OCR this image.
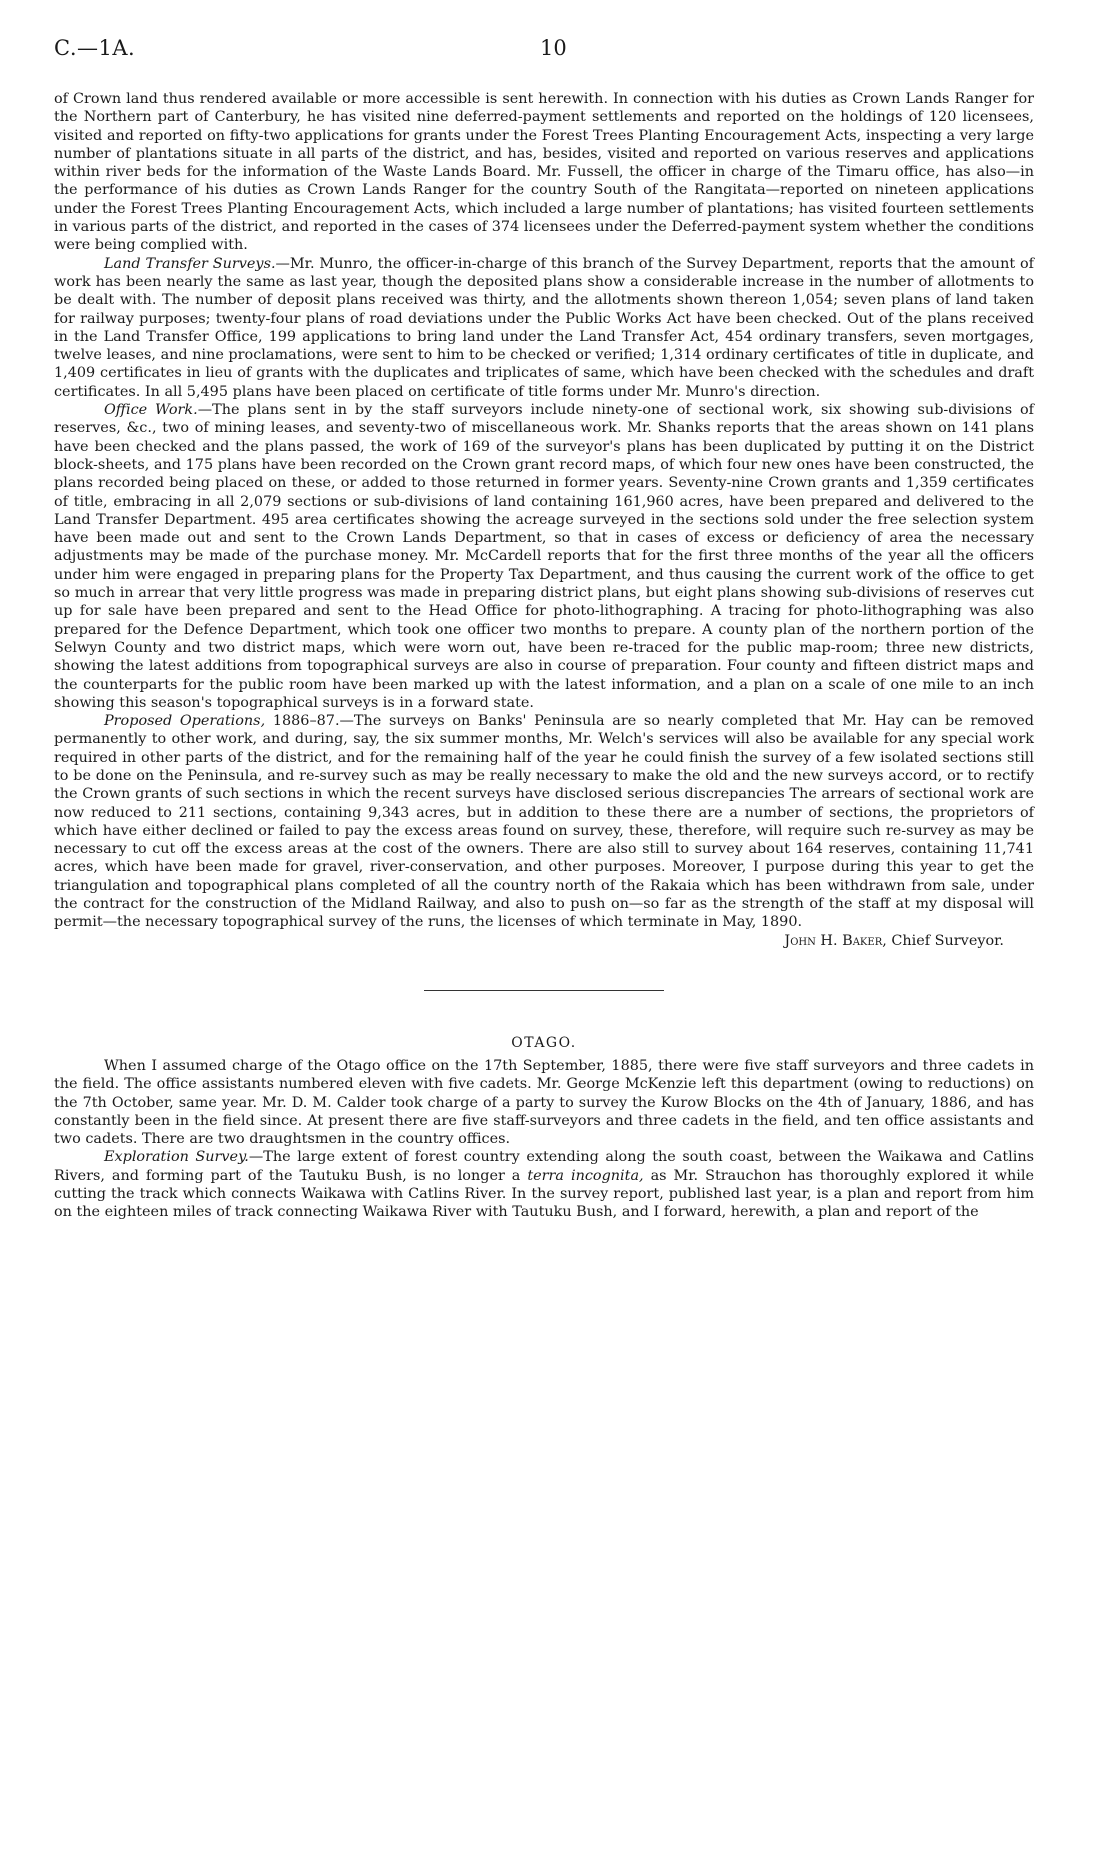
C.—1A.	10

of Crown land thus rendered available or more accessible is sent herewith. In connection with his duties as Crown Lands Ranger for the Northern part of Canterbury, he has visited nine deferred-payment settlements and reported on the holdings of 120 licensees, visited and reported on fifty-two applications for grants under the Forest Trees Planting Encouragement Acts, inspecting a very large number of plantations situate in all parts of the district, and has, besides, visited and reported on various reserves and applications within river beds for the information of the Waste Lands Board. Mr. Fussell, the officer in charge of the Timaru office, has also—in the performance of his duties as Crown Lands Ranger for the country South of the Rangitata—reported on nineteen applications under the Forest Trees Planting Encouragement Acts, which included a large number of plantations; has visited fourteen settlements in various parts of the district, and reported in the cases of 374 licensees under the Deferred-payment system whether the conditions were being complied with.

Land Transfer Surveys.—Mr. Munro, the officer-in-charge of this branch of the Survey Department, reports that the amount of work has been nearly the same as last year, though the deposited plans show a considerable increase in the number of allotments to be dealt with. The number of deposit plans received was thirty, and the allotments shown thereon 1,054; seven plans of land taken for railway purposes; twenty-four plans of road deviations under the Public Works Act have been checked. Out of the plans received in the Land Transfer Office, 199 applications to bring land under the Land Transfer Act, 454 ordinary transfers, seven mortgages, twelve leases, and nine proclamations, were sent to him to be checked or verified; 1,314 ordinary certificates of title in duplicate, and 1,409 certificates in lieu of grants with the duplicates and triplicates of same, which have been checked with the schedules and draft certificates. In all 5,495 plans have been placed on certificate of title forms under Mr. Munro's direction.

Office Work.—The plans sent in by the staff surveyors include ninety-one of sectional work, six showing sub-divisions of reserves, &c., two of mining leases, and seventy-two of miscellaneous work. Mr. Shanks reports that the areas shown on 141 plans have been checked and the plans passed, the work of 169 of the surveyor's plans has been duplicated by putting it on the District block-sheets, and 175 plans have been recorded on the Crown grant record maps, of which four new ones have been constructed, the plans recorded being placed on these, or added to those returned in former years. Seventy-nine Crown grants and 1,359 certificates of title, embracing in all 2,079 sections or sub-divisions of land containing 161,960 acres, have been prepared and delivered to the Land Transfer Department. 495 area certificates showing the acreage surveyed in the sections sold under the free selection system have been made out and sent to the Crown Lands Department, so that in cases of excess or deficiency of area the necessary adjustments may be made of the purchase money. Mr. McCardell reports that for the first three months of the year all the officers under him were engaged in preparing plans for the Property Tax Department, and thus causing the current work of the office to get so much in arrear that very little progress was made in preparing district plans, but eight plans showing sub-divisions of reserves cut up for sale have been prepared and sent to the Head Office for photo-lithographing. A tracing for photo-lithographing was also prepared for the Defence Department, which took one officer two months to prepare. A county plan of the northern portion of the Selwyn County and two district maps, which were worn out, have been re-traced for the public map-room; three new districts, showing the latest additions from topographical surveys are also in course of preparation. Four county and fifteen district maps and the counterparts for the public room have been marked up with the latest information, and a plan on a scale of one mile to an inch showing this season's topographical surveys is in a forward state.

Proposed Operations, 1886–87.—The surveys on Banks' Peninsula are so nearly completed that Mr. Hay can be removed permanently to other work, and during, say, the six summer months, Mr. Welch's services will also be available for any special work required in other parts of the district, and for the remaining half of the year he could finish the survey of a few isolated sections still to be done on the Peninsula, and re-survey such as may be really necessary to make the old and the new surveys accord, or to rectify the Crown grants of such sections in which the recent surveys have disclosed serious discrepancies The arrears of sectional work are now reduced to 211 sections, containing 9,343 acres, but in addition to these there are a number of sections, the proprietors of which have either declined or failed to pay the excess areas found on survey, these, therefore, will require such re-survey as may be necessary to cut off the excess areas at the cost of the owners. There are also still to survey about 164 reserves, containing 11,741 acres, which have been made for gravel, river-conservation, and other purposes. Moreover, I purpose during this year to get the triangulation and topographical plans completed of all the country north of the Rakaia which has been withdrawn from sale, under the contract for the construction of the Midland Railway, and also to push on—so far as the strength of the staff at my disposal will permit—the necessary topographical survey of the runs, the licenses of which terminate in May, 1890.

John H. Baker, Chief Surveyor.
OTAGO.

When I assumed charge of the Otago office on the 17th September, 1885, there were five staff surveyors and three cadets in the field. The office assistants numbered eleven with five cadets. Mr. George McKenzie left this department (owing to reductions) on the 7th October, same year. Mr. D. M. Calder took charge of a party to survey the Kurow Blocks on the 4th of January, 1886, and has constantly been in the field since. At present there are five staff-surveyors and three cadets in the field, and ten office assistants and two cadets. There are two draughtsmen in the country offices.

Exploration Survey.—The large extent of forest country extending along the south coast, between the Waikawa and Catlins Rivers, and forming part of the Tautuku Bush, is no longer a terra incognita, as Mr. Strauchon has thoroughly explored it while cutting the track which connects Waikawa with Catlins River. In the survey report, published last year, is a plan and report from him on the eighteen miles of track connecting Waikawa River with Tautuku Bush, and I forward, herewith, a plan and report of the
